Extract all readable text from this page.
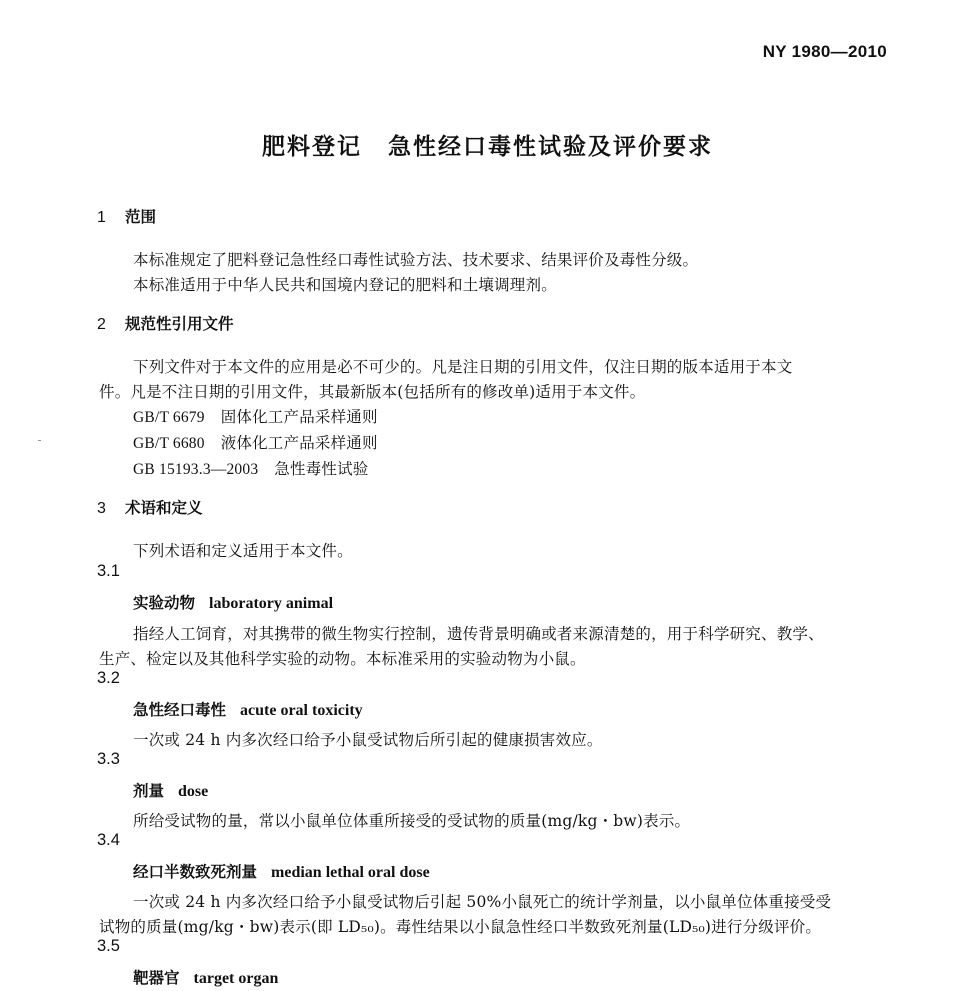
NY 1980—2010
肥料登记 急性经口毒性试验及评价要求
1 范围
本标准规定了肥料登记急性经口毒性试验方法、技术要求、结果评价及毒性分级。
本标准适用于中华人民共和国境内登记的肥料和土壤调理剂。
2 规范性引用文件
下列文件对于本文件的应用是必不可少的。凡是注日期的引用文件，仅注日期的版本适用于本文
件。凡是不注日期的引用文件，其最新版本(包括所有的修改单)适用于本文件。
GB/T 6679 固体化工产品采样通则
GB/T 6680 液体化工产品采样通则
GB 15193.3—2003 急性毒性试验
3 术语和定义
下列术语和定义适用于本文件。
3.1
实验动物 laboratory animal
指经人工饲育，对其携带的微生物实行控制，遗传背景明确或者来源清楚的，用于科学研究、教学、
生产、检定以及其他科学实验的动物。本标准采用的实验动物为小鼠。
3.2
急性经口毒性 acute oral toxicity
一次或 24 h 内多次经口给予小鼠受试物后所引起的健康损害效应。
3.3
剂量 dose
所给受试物的量，常以小鼠单位体重所接受的受试物的质量(mg/kg・bw)表示。
3.4
经口半数致死剂量 median lethal oral dose
一次或 24 h 内多次经口给予小鼠受试物后引起 50%小鼠死亡的统计学剂量，以小鼠单位体重接受受
试物的质量(mg/kg・bw)表示(即 LD₅₀)。毒性结果以小鼠急性经口半数致死剂量(LD₅₀)进行分级评价。
3.5
靶器官 target organ
